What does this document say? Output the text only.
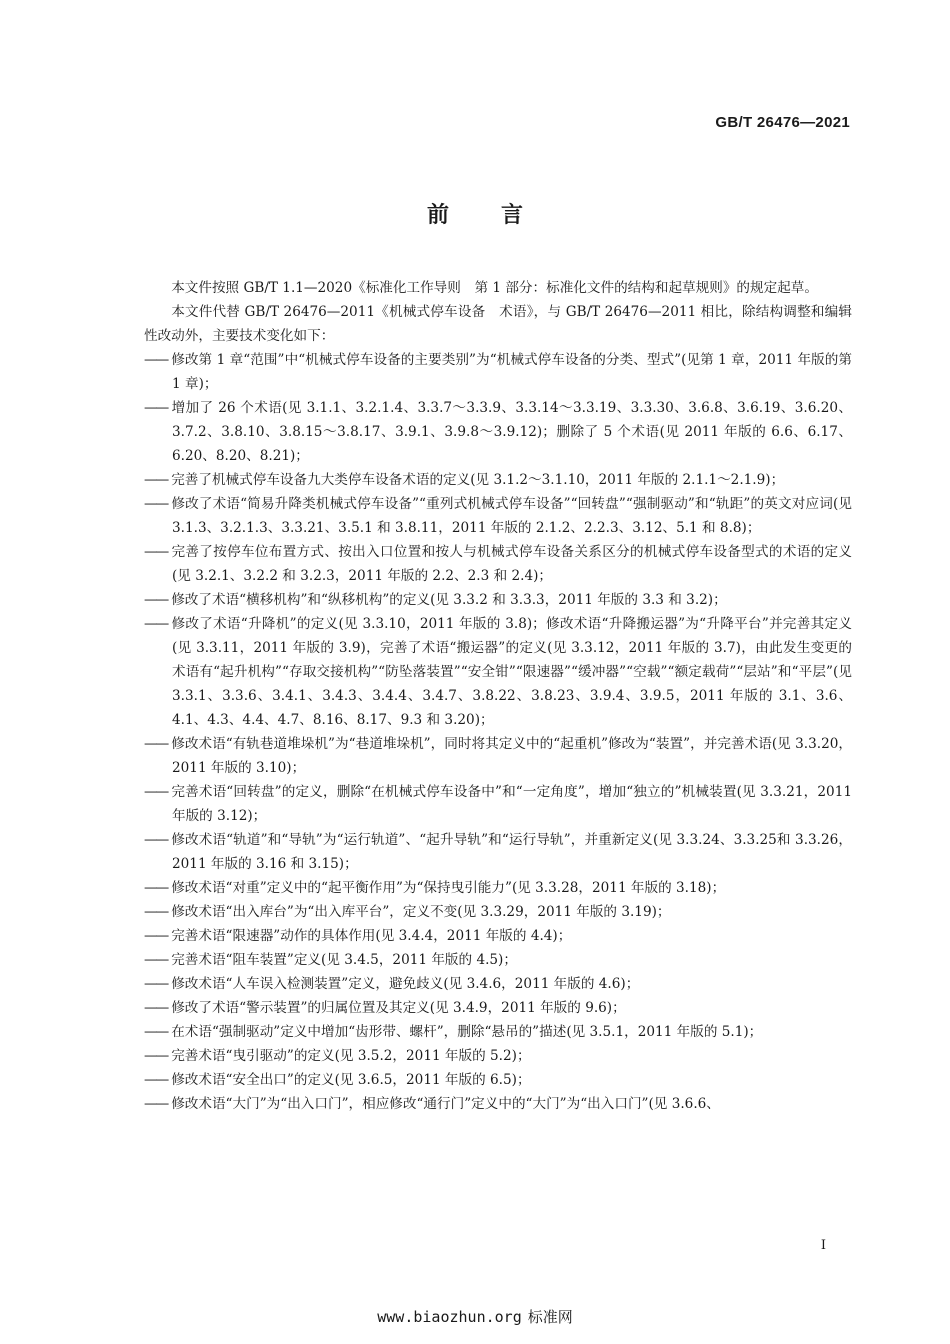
GB/T 26476—2021
前 言

本文件按照 GB/T 1.1—2020《标准化工作导则　第 1 部分：标准化文件的结构和起草规则》的规定起草。

本文件代替 GB/T 26476—2011《机械式停车设备　术语》，与 GB/T 26476—2011 相比，除结构调整和编辑性改动外，主要技术变化如下：

—— 修改第 1 章“范围”中“机械式停车设备的主要类别”为“机械式停车设备的分类、型式”(见第 1 章，2011 年版的第 1 章)；
—— 增加了 26 个术语(见 3.1.1、3.2.1.4、3.3.7～3.3.9、3.3.14～3.3.19、3.3.30、3.6.8、3.6.19、3.6.20、3.7.2、3.8.10、3.8.15～3.8.17、3.9.1、3.9.8～3.9.12)；删除了 5 个术语(见 2011 年版的 6.6、6.17、6.20、8.20、8.21)；
—— 完善了机械式停车设备九大类停车设备术语的定义(见 3.1.2～3.1.10，2011 年版的 2.1.1～2.1.9)；
—— 修改了术语“简易升降类机械式停车设备”“重列式机械式停车设备”“回转盘”“强制驱动”和“轨距”的英文对应词(见 3.1.3、3.2.1.3、3.3.21、3.5.1 和 3.8.11，2011 年版的 2.1.2、2.2.3、3.12、5.1 和 8.8)；
—— 完善了按停车位布置方式、按出入口位置和按人与机械式停车设备关系区分的机械式停车设备型式的术语的定义(见 3.2.1、3.2.2 和 3.2.3，2011 年版的 2.2、2.3 和 2.4)；
—— 修改了术语“横移机构”和“纵移机构”的定义(见 3.3.2 和 3.3.3，2011 年版的 3.3 和 3.2)；
—— 修改了术语“升降机”的定义(见 3.3.10，2011 年版的 3.8)；修改术语“升降搬运器”为“升降平台”并完善其定义(见 3.3.11，2011 年版的 3.9)，完善了术语“搬运器”的定义(见 3.3.12，2011 年版的 3.7)，由此发生变更的术语有“起升机构”“存取交接机构”“防坠落装置”“安全钳”“限速器”“缓冲器”“空载”“额定载荷”“层站”和“平层”(见 3.3.1、3.3.6、3.4.1、3.4.3、3.4.4、3.4.7、3.8.22、3.8.23、3.9.4、3.9.5，2011 年版的 3.1、3.6、4.1、4.3、4.4、4.7、8.16、8.17、9.3 和 3.20)；
—— 修改术语“有轨巷道堆垛机”为“巷道堆垛机”，同时将其定义中的“起重机”修改为“装置”，并完善术语(见 3.3.20，2011 年版的 3.10)；
—— 完善术语“回转盘”的定义，删除“在机械式停车设备中”和“一定角度”，增加“独立的”机械装置(见 3.3.21，2011 年版的 3.12)；
—— 修改术语“轨道”和“导轨”为“运行轨道”、“起升导轨”和“运行导轨”，并重新定义(见 3.3.24、3.3.25和 3.3.26，2011 年版的 3.16 和 3.15)；
—— 修改术语“对重”定义中的“起平衡作用”为“保持曳引能力”(见 3.3.28，2011 年版的 3.18)；
—— 修改术语“出入库台”为“出入库平台”，定义不变(见 3.3.29，2011 年版的 3.19)；
—— 完善术语“限速器”动作的具体作用(见 3.4.4，2011 年版的 4.4)；
—— 完善术语“阻车装置”定义(见 3.4.5，2011 年版的 4.5)；
—— 修改术语“人车误入检测装置”定义，避免歧义(见 3.4.6，2011 年版的 4.6)；
—— 修改了术语“警示装置”的归属位置及其定义(见 3.4.9，2011 年版的 9.6)；
—— 在术语“强制驱动”定义中增加“齿形带、螺杆”，删除“悬吊的”描述(见 3.5.1，2011 年版的 5.1)；
—— 完善术语“曳引驱动”的定义(见 3.5.2，2011 年版的 5.2)；
—— 修改术语“安全出口”的定义(见 3.6.5，2011 年版的 6.5)；
—— 修改术语“大门”为“出入口门”，相应修改“通行门”定义中的“大门”为“出入口门”(见 3.6.6、
I
www.biaozhun.org 标准网
